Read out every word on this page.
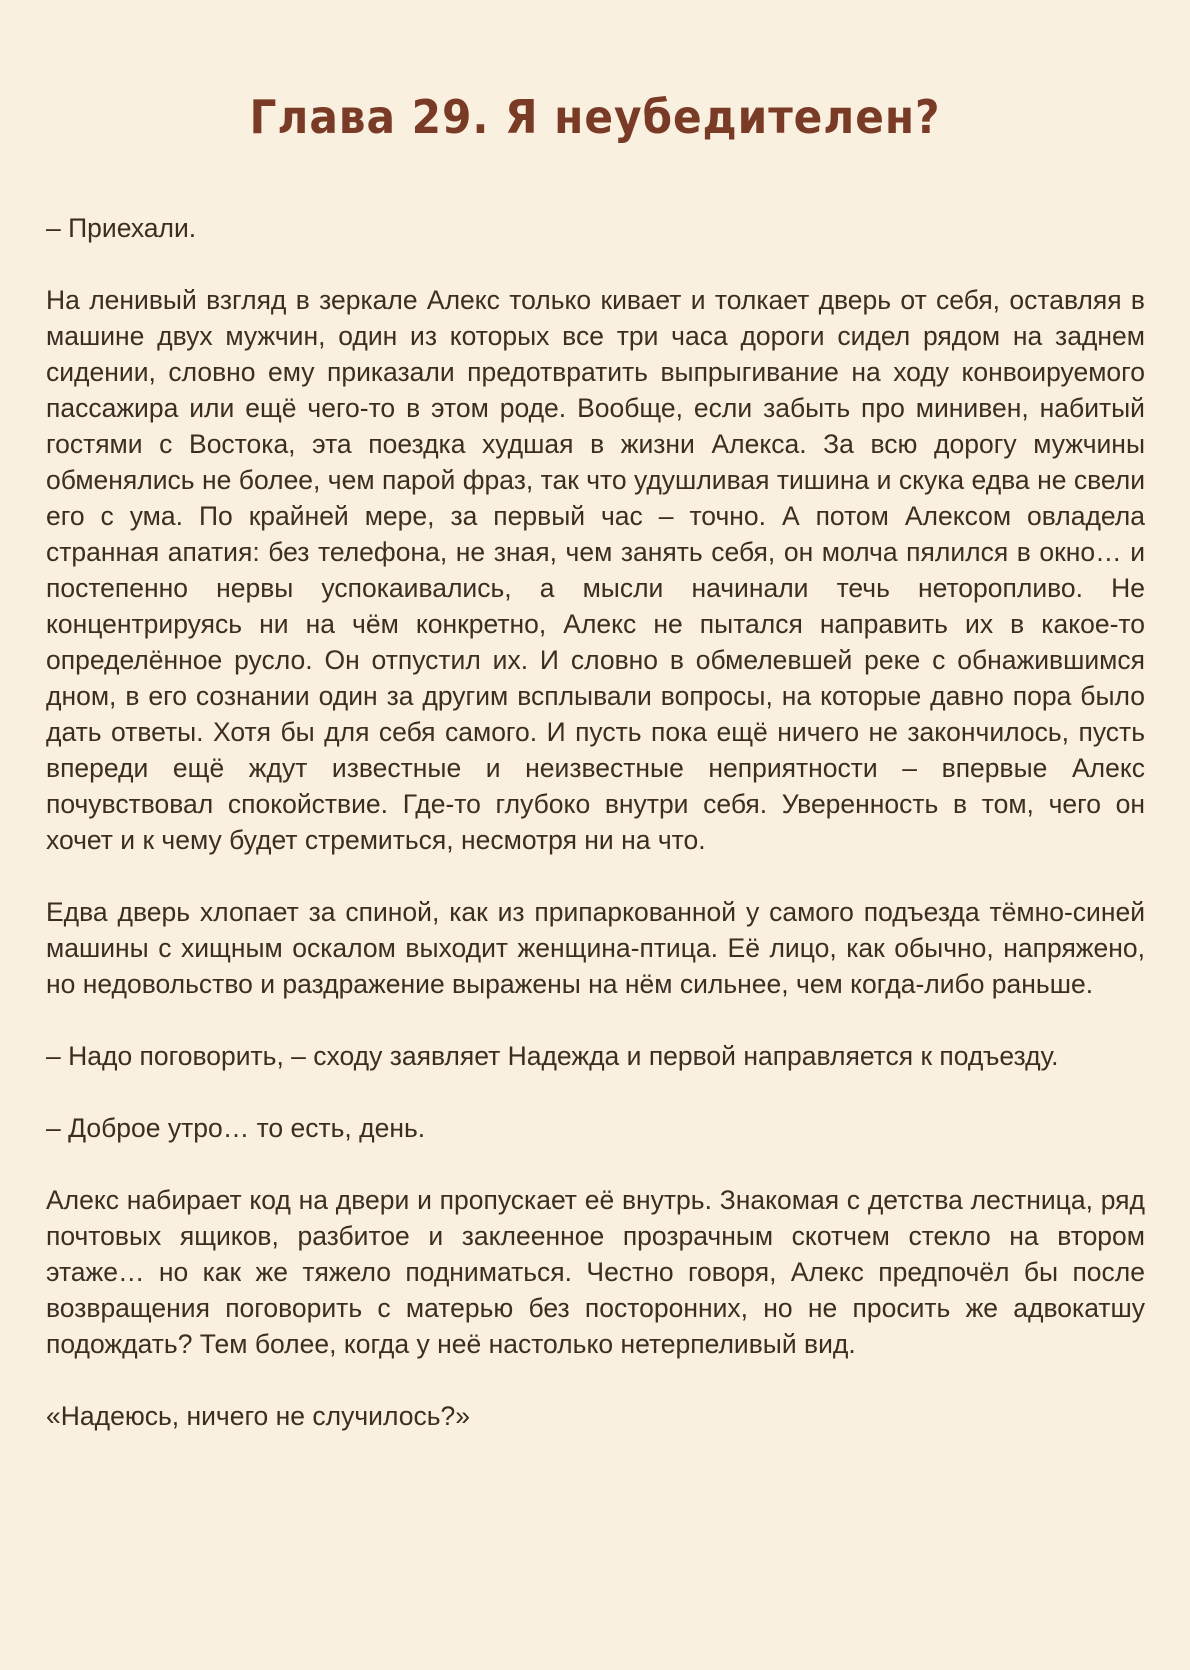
Глава 29. Я неубедителен?

– Приехали.

На ленивый взгляд в зеркале Алекс только кивает и толкает дверь от себя, оставляя в машине двух мужчин, один из которых все три часа дороги сидел рядом на заднем сидении, словно ему приказали предотвратить выпрыгивание на ходу конвоируемого пассажира или ещё чего-то в этом роде. Вообще, если забыть про минивен, набитый гостями с Востока, эта поездка худшая в жизни Алекса. За всю дорогу мужчины обменялись не более, чем парой фраз, так что удушливая тишина и скука едва не свели его с ума. По крайней мере, за первый час – точно. А потом Алексом овладела странная апатия: без телефона, не зная, чем занять себя, он молча пялился в окно… и постепенно нервы успокаивались, а мысли начинали течь неторопливо. Не концентрируясь ни на чём конкретно, Алекс не пытался направить их в какое-то определённое русло. Он отпустил их. И словно в обмелевшей реке с обнажившимся дном, в его сознании один за другим всплывали вопросы, на которые давно пора было дать ответы. Хотя бы для себя самого. И пусть пока ещё ничего не закончилось, пусть впереди ещё ждут известные и неизвестные неприятности – впервые Алекс почувствовал спокойствие. Где-то глубоко внутри себя. Уверенность в том, чего он хочет и к чему будет стремиться, несмотря ни на что.

Едва дверь хлопает за спиной, как из припаркованной у самого подъезда тёмно-синей машины с хищным оскалом выходит женщина-птица. Её лицо, как обычно, напряжено, но недовольство и раздражение выражены на нём сильнее, чем когда-либо раньше.

– Надо поговорить, – сходу заявляет Надежда и первой направляется к подъезду.

– Доброе утро… то есть, день.

Алекс набирает код на двери и пропускает её внутрь. Знакомая с детства лестница, ряд почтовых ящиков, разбитое и заклеенное прозрачным скотчем стекло на втором этаже… но как же тяжело подниматься. Честно говоря, Алекс предпочёл бы после возвращения поговорить с матерью без посторонних, но не просить же адвокатшу подождать? Тем более, когда у неё настолько нетерпеливый вид.

«Надеюсь, ничего не случилось?»
